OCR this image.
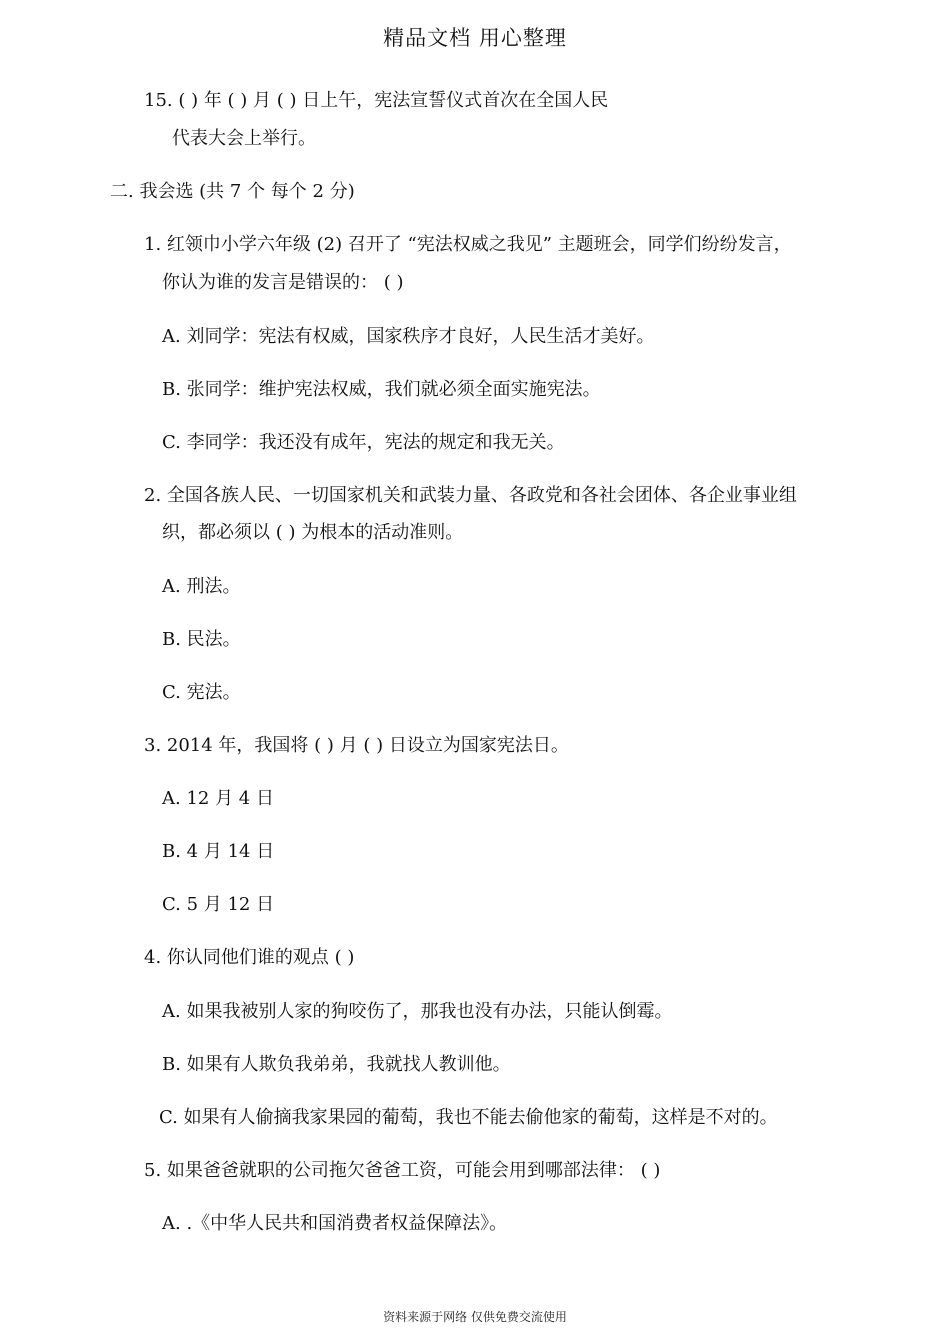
精品文档 用心整理
15. ( ) 年 ( ) 月 ( ) 日上午，宪法宣誓仪式首次在全国人民
代表大会上举行。
二. 我会选 (共 7 个 每个 2 分)
1. 红领巾小学六年级 (2) 召开了 “宪法权威之我见” 主题班会，同学们纷纷发言，
你认为谁的发言是错误的： ( )
A. 刘同学：宪法有权威，国家秩序才良好，人民生活才美好。
B. 张同学：维护宪法权威，我们就必须全面实施宪法。
C. 李同学：我还没有成年，宪法的规定和我无关。
2. 全国各族人民、一切国家机关和武装力量、各政党和各社会团体、各企业事业组
织，都必须以 ( ) 为根本的活动准则。
A. 刑法。
B. 民法。
C. 宪法。
3. 2014 年，我国将 ( ) 月 ( ) 日设立为国家宪法日。
A. 12 月 4 日
B. 4 月 14 日
C. 5 月 12 日
4. 你认同他们谁的观点 ( )
A. 如果我被别人家的狗咬伤了，那我也没有办法，只能认倒霉。
B. 如果有人欺负我弟弟，我就找人教训他。
C. 如果有人偷摘我家果园的葡萄，我也不能去偷他家的葡萄，这样是不对的。
5. 如果爸爸就职的公司拖欠爸爸工资，可能会用到哪部法律： ( )
A. .《中华人民共和国消费者权益保障法》。
资料来源于网络 仅供免费交流使用
